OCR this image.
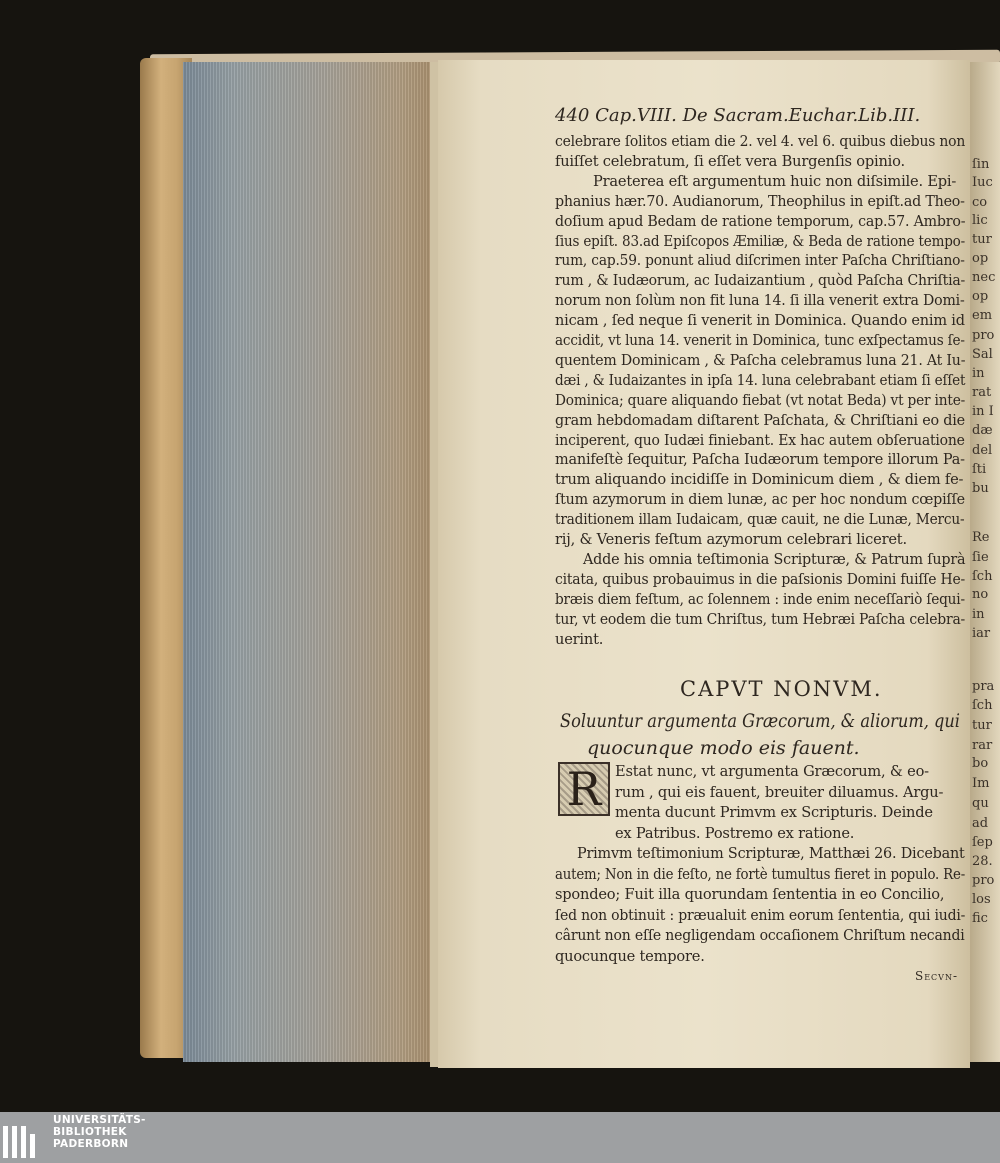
ſin
Iuc
co
lic
tur
op
nec
op
em
pro
Sal
in
rat
in I
dæ
del
ſti
bu
Re
ſie
ſch
no
in
iar
pra
ſch
tur
rar
bo
Im
qu
ad
ſep
28.
pro
los
fic
440 Cap.VIII. De Sacram.Euchar.Lib.III.
celebrare ſolitos etiam die 2. vel 4. vel 6. quibus diebus non
fuiſſet celebratum, ſi eſſet vera Burgenſis opinio.
Praeterea eſt argumentum huic non diſsimile. Epi-
phanius hær.70. Audianorum, Theophilus in epiſt.ad Theo-
doſium apud Bedam de ratione temporum, cap.57. Ambro-
ſius epiſt. 83.ad Epiſcopos Æmiliæ, & Beda de ratione tempo-
rum, cap.59. ponunt aliud diſcrimen inter Paſcha Chriſtiano-
rum , & Iudæorum, ac Iudaizantium , quòd Paſcha Chriſtia-
norum non ſolùm non fit luna 14. ſi illa venerit extra Domi-
nicam , ſed neque ſi venerit in Dominica. Quando enim id
accidit, vt luna 14. venerit in Dominica, tunc exſpectamus ſe-
quentem Dominicam , & Paſcha celebramus luna 21. At Iu-
dæi , & Iudaizantes in ipſa 14. luna celebrabant etiam ſi eſſet
Dominica; quare aliquando fiebat (vt notat Beda) vt per inte-
gram hebdomadam diſtarent Paſchata, & Chriſtiani eo die
inciperent, quo Iudæi finiebant. Ex hac autem obſeruatione
manifeſtè ſequitur, Paſcha Iudæorum tempore illorum Pa-
trum aliquando incidiſſe in Dominicum diem , & diem fe-
ſtum azymorum in diem lunæ, ac per hoc nondum cœpiſſe
traditionem illam Iudaicam, quæ cauit, ne die Lunæ, Mercu-
rij, & Veneris feſtum azymorum celebrari liceret.
Adde his omnia teſtimonia Scripturæ, & Patrum ſuprà
citata, quibus probauimus in die paſsionis Domini fuiſſe He-
bræis diem feſtum, ac ſolennem : inde enim neceſſariò ſequi-
tur, vt eodem die tum Chriſtus, tum Hebræi Paſcha celebra-
uerint.
CAPVT NONVM.
Soluuntur argumenta Græcorum, & aliorum, qui
quocunque modo eis fauent.
R Estat nunc, vt argumenta Græcorum, & eo-
rum , qui eis fauent, breuiter diluamus. Argu-
menta ducunt Primvm ex Scripturis. Deinde
ex Patribus. Postremo ex ratione.
Primvm teſtimonium Scripturæ, Matthæi 26. Dicebant
autem; Non in die feſto, ne fortè tumultus fieret in populo. Re-
spondeo; Fuit illa quorundam ſententia in eo Concilio,
ſed non obtinuit : præualuit enim eorum ſententia, qui iudi-
cârunt non eſſe negligendam occaſionem Chriſtum necandi
quocunque tempore.
Secvn-
UNIVERSITÄTS-
BIBLIOTHEK
PADERBORN
